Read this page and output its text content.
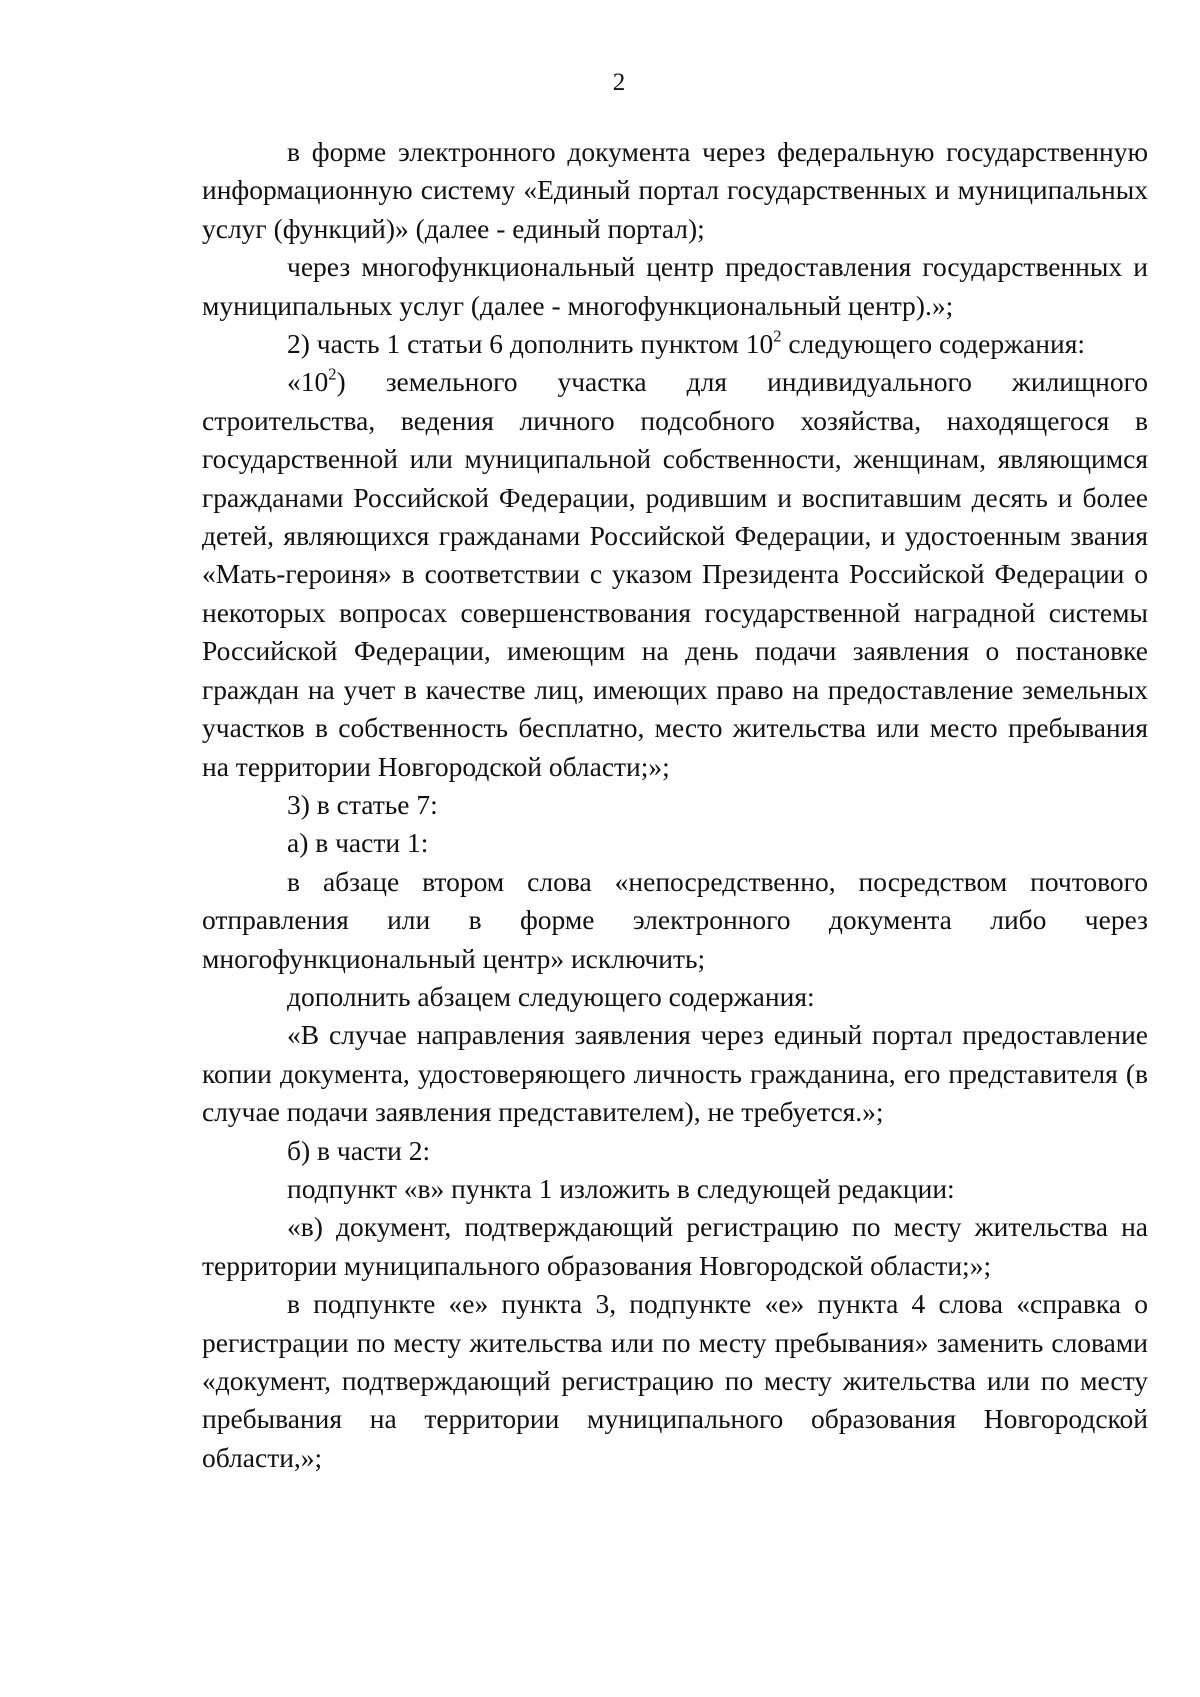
2

в форме электронного документа через федеральную государственную информационную систему «Единый портал государственных и муниципальных услуг (функций)» (далее - единый портал);

через многофункциональный центр предоставления государственных и муниципальных услуг (далее - многофункциональный центр).»;

2) часть 1 статьи 6 дополнить пунктом $10^2$ следующего содержания:

«$10^2$) земельного участка для индивидуального жилищного строительства, ведения личного подсобного хозяйства, находящегося в государственной или муниципальной собственности, женщинам, являющимся гражданами Российской Федерации, родившим и воспитавшим десять и более детей, являющихся гражданами Российской Федерации, и удостоенным звания «Мать-героиня» в соответствии с указом Президента Российской Федерации о некоторых вопросах совершенствования государственной наградной системы Российской Федерации, имеющим на день подачи заявления о постановке граждан на учет в качестве лиц, имеющих право на предоставление земельных участков в собственность бесплатно, место жительства или место пребывания на территории Новгородской области;»;

3) в статье 7:

а) в части 1:

в абзаце втором слова «непосредственно, посредством почтового отправления или в форме электронного документа либо через многофункциональный центр» исключить;

дополнить абзацем следующего содержания:

«В случае направления заявления через единый портал предоставление копии документа, удостоверяющего личность гражданина, его представителя (в случае подачи заявления представителем), не требуется.»;

б) в части 2:

подпункт «в» пункта 1 изложить в следующей редакции:

«в) документ, подтверждающий регистрацию по месту жительства на территории муниципального образования Новгородской области;»;

в подпункте «е» пункта 3, подпункте «е» пункта 4 слова «справка о регистрации по месту жительства или по месту пребывания» заменить словами «документ, подтверждающий регистрацию по месту жительства или по месту пребывания на территории муниципального образования Новгородской области,»;
